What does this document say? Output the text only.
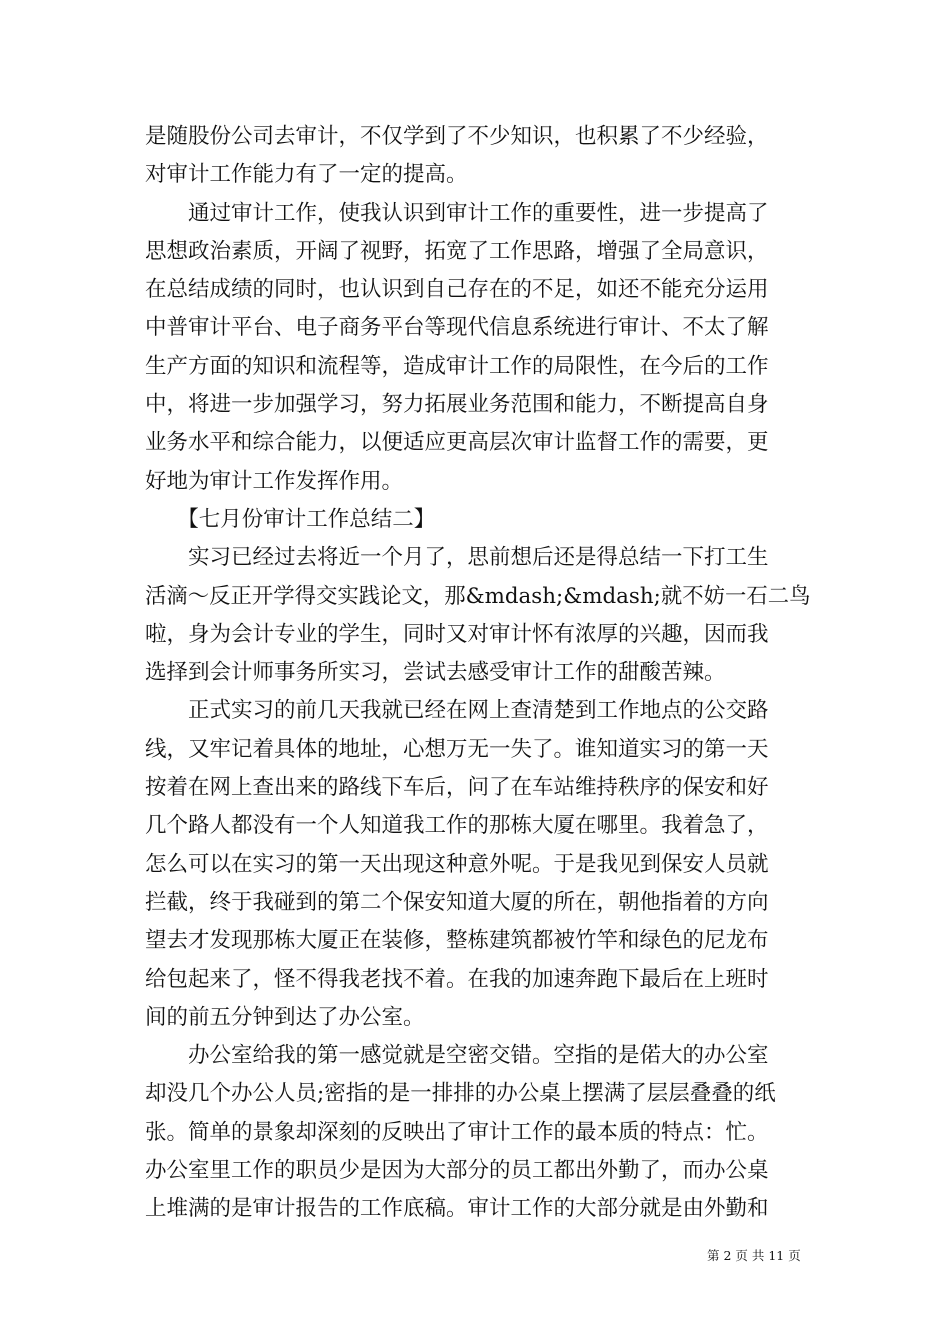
是随股份公司去审计，不仅学到了不少知识，也积累了不少经验，
对审计工作能力有了一定的提高。
　　通过审计工作，使我认识到审计工作的重要性，进一步提高了
思想政治素质，开阔了视野，拓宽了工作思路，增强了全局意识，
在总结成绩的同时，也认识到自己存在的不足，如还不能充分运用
中普审计平台、电子商务平台等现代信息系统进行审计、不太了解
生产方面的知识和流程等，造成审计工作的局限性，在今后的工作
中，将进一步加强学习，努力拓展业务范围和能力，不断提高自身
业务水平和综合能力，以便适应更高层次审计监督工作的需要，更
好地为审计工作发挥作用。
　　【七月份审计工作总结二】
　　实习已经过去将近一个月了，思前想后还是得总结一下打工生
活滴～反正开学得交实践论文，那&mdash;&mdash;就不妨一石二鸟
啦，身为会计专业的学生，同时又对审计怀有浓厚的兴趣，因而我
选择到会计师事务所实习，尝试去感受审计工作的甜酸苦辣。
　　正式实习的前几天我就已经在网上查清楚到工作地点的公交路
线，又牢记着具体的地址，心想万无一失了。谁知道实习的第一天
按着在网上查出来的路线下车后，问了在车站维持秩序的保安和好
几个路人都没有一个人知道我工作的那栋大厦在哪里。我着急了，
怎么可以在实习的第一天出现这种意外呢。于是我见到保安人员就
拦截，终于我碰到的第二个保安知道大厦的所在，朝他指着的方向
望去才发现那栋大厦正在装修，整栋建筑都被竹竿和绿色的尼龙布
给包起来了，怪不得我老找不着。在我的加速奔跑下最后在上班时
间的前五分钟到达了办公室。
　　办公室给我的第一感觉就是空密交错。空指的是偌大的办公室
却没几个办公人员;密指的是一排排的办公桌上摆满了层层叠叠的纸
张。简单的景象却深刻的反映出了审计工作的最本质的特点：忙。
办公室里工作的职员少是因为大部分的员工都出外勤了，而办公桌
上堆满的是审计报告的工作底稿。审计工作的大部分就是由外勤和
第 2 页 共 11 页
